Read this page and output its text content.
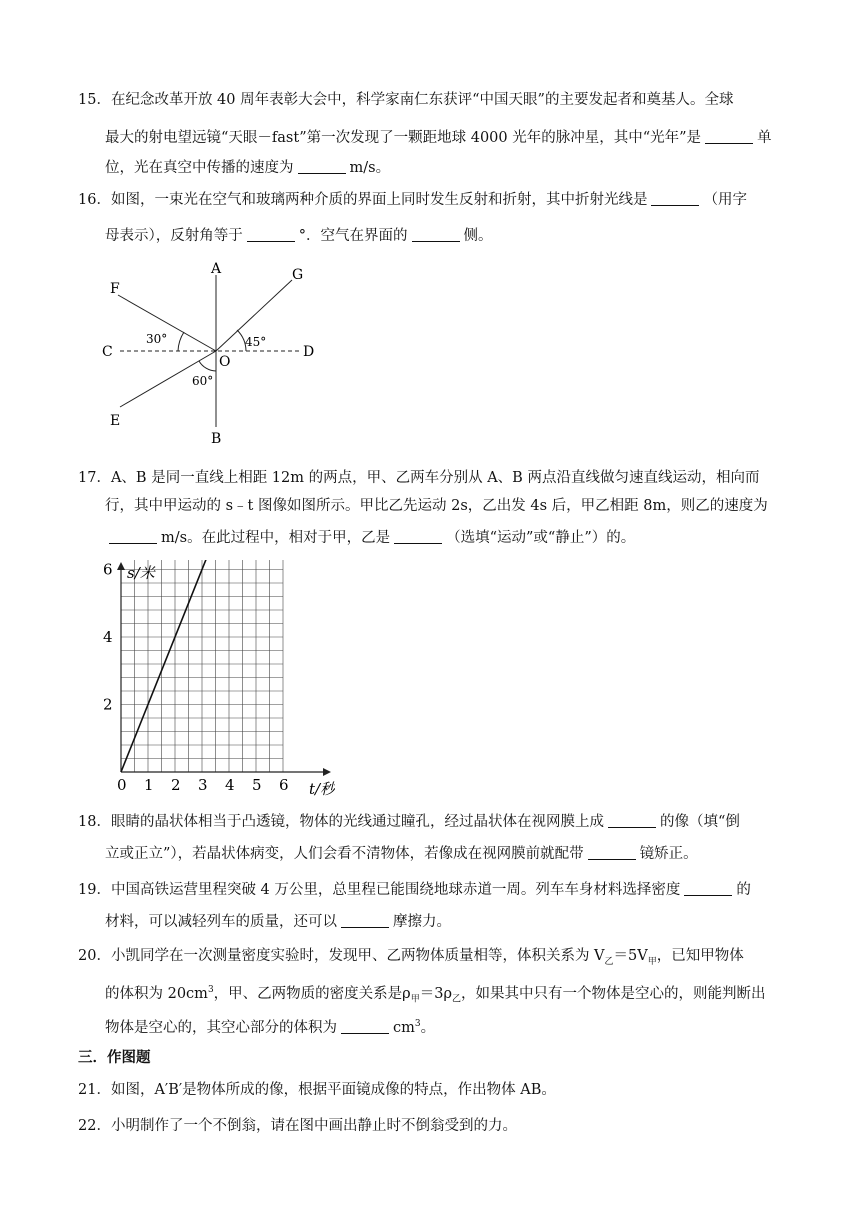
15．在纪念改革开放 40 周年表彰大会中，科学家南仁东获评“中国天眼”的主要发起者和奠基人。全球
最大的射电望远镜“天眼－fast”第一次发现了一颗距地球 4000 光年的脉冲星，其中“光年”是	单
位，光在真空中传播的速度为	m/s。
16．如图，一束光在空气和玻璃两种介质的界面上同时发生反射和折射，其中折射光线是	（用字
母表示），反射角等于	°．空气在界面的	侧。
A
B
C	D
E
F
G
O
30°	45°
60°
17．A、B 是同一直线上相距 12m 的两点，甲、乙两车分别从 A、B 两点沿直线做匀速直线运动，相向而
行，其中甲运动的 s﹣t 图像如图所示。甲比乙先运动 2s，乙出发 4s 后，甲乙相距 8m，则乙的速度为
m/s。在此过程中，相对于甲，乙是	（选填“运动”或“静止”）的。
0 1 2 3 4 5 6
2
4
6 s/米
t/秒
18．眼睛的晶状体相当于凸透镜，物体的光线通过瞳孔，经过晶状体在视网膜上成	的像（填“倒
立或正立”），若晶状体病变，人们会看不清物体，若像成在视网膜前就配带	镜矫正。
19．中国高铁运营里程突破 4 万公里，总里程已能围绕地球赤道一周。列车车身材料选择密度	的
材料，可以减轻列车的质量，还可以	摩擦力。
20．小凯同学在一次测量密度实验时，发现甲、乙两物体质量相等，体积关系为 $V_乙=5V_甲$，已知甲物体
的体积为 $20cm^3$，甲、乙两物质的密度关系是$\rho_甲=3\rho_乙$，如果其中只有一个物体是空心的，则能判断出
物体是空心的，其空心部分的体积为	$cm^3$。
三．作图题
21．如图，A′B′是物体所成的像，根据平面镜成像的特点，作出物体 AB。
22．小明制作了一个不倒翁，请在图中画出静止时不倒翁受到的力。
